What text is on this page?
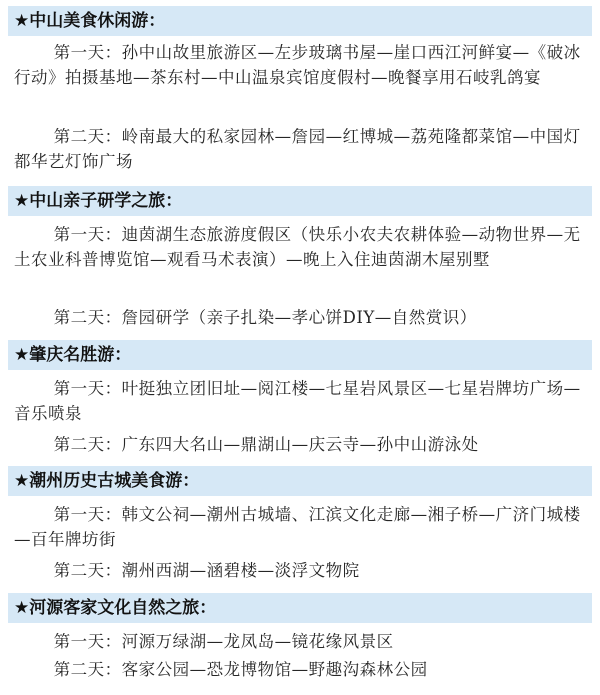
★中山美食休闲游：
第一天：孙中山故里旅游区—左步玻璃书屋—崖口西江河鲜宴—《破冰行动》拍摄基地—茶东村—中山温泉宾馆度假村—晚餐享用石岐乳鸽宴
第二天：岭南最大的私家园林—詹园—红博城—荔苑隆都菜馆—中国灯都华艺灯饰广场
★中山亲子研学之旅：
第一天：迪茵湖生态旅游度假区（快乐小农夫农耕体验—动物世界—无土农业科普博览馆—观看马术表演）—晚上入住迪茵湖木屋别墅
第二天：詹园研学（亲子扎染—孝心饼DIY—自然赏识）
★肇庆名胜游：
第一天：叶挺独立团旧址—阅江楼—七星岩风景区—七星岩牌坊广场—音乐喷泉
第二天：广东四大名山—鼎湖山—庆云寺—孙中山游泳处
★潮州历史古城美食游：
第一天：韩文公祠—潮州古城墙、江滨文化走廊—湘子桥—广济门城楼—百年牌坊街
第二天：潮州西湖—涵碧楼—淡浮文物院
★河源客家文化自然之旅：
第一天：河源万绿湖—龙凤岛—镜花缘风景区
第二天：客家公园—恐龙博物馆—野趣沟森林公园
